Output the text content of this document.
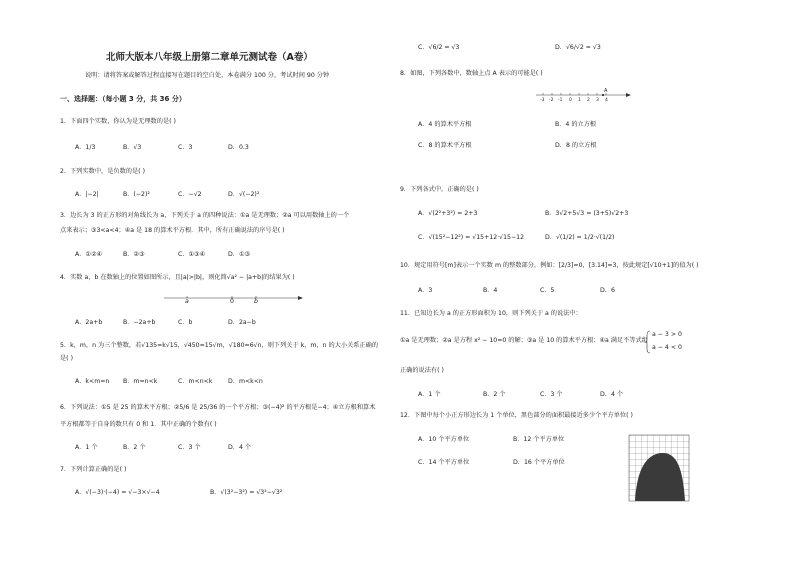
北师大版本八年级上册第二章单元测试卷（A卷）
说明：请将答案或解答过程直接写在题目的空白处，本卷满分 100 分，考试时间 90 分钟
一、选择题：（每小题 3 分，共 36 分）
1．下面四个实数，你认为是无理数的是( )
A．1/3	B．√3	C．3	D．0.3
2．下列实数中，是负数的是( )
A．|−2|	B．(−2)²	C．−√2	D．√(−2)²
3．边长为 3 的正方形的对角线长为 a，下列关于 a 的四种说法：①a 是无理数；②a 可以用数轴上的一个
点来表示；③3<a<4；④a 是 18 的算术平方根．其中，所有正确说法的序号是( )
A．①②④	B．②③	C．①③④	D．①③
4．实数 a，b 在数轴上的位置如图所示，且|a|>|b|，则化简√a² − |a+b|的结果为( )
a	0	b
A．2a+b	B．−2a+b	C．b	D．2a−b
5．k，m，n 为三个整数，若√135=k√15，√450=15√m，√180=6√n，则下列关于 k，m，n 的大小关系正确的
是( )
A．k<m=n B．m=n<k	C．m<n<k	D．m<k<n
6．下列说法：①5 是 25 的算术平方根；②5/6 是 25/36 的一个平方根；③(−4)² 的平方根是−4；④立方根和算术
平方根都等于自身的数只有 0 和 1．其中正确的个数有( )
A．1 个	B．2 个	C．3 个	D．4 个
7．下列计算正确的是( )
A．√(−3)·(−4) = √−3×√−4	B．√(3²−3²) = √3²−√3²
C．√6/2 = √3	D．√6/√2 = √3
8．如图，下列各数中，数轴上点 A 表示的可能是( )
A
-3 -2 -1 0 1 2 3 4
A．4 的算术平方根	B．4 的立方根
C．8 的算术平方根	D．8 的立方根
9．下列各式中，正确的是( )
A．√(2²+3²) = 2+3	B．3√2+5√3 = (3+5)√2+3
C．√(15²−12²) = √15+12·√15−12	D．√(1/2) = 1/2·√(1/2)
10．规定用符号[m]表示一个实数 m 的整数部分，例如：[2/3]=0，[3.14]=3，按此规定[√10+1]的值为( )
A．3	B．4	C．5	D．6
11．已知边长为 a 的正方形面积为 10，则下列关于 a 的说法中：
①a 是无理数；②a 是方程 x² − 10=0 的解；③a 是 10 的算术平方根；④a 满足不等式组
a − 3 > 0
a − 4 < 0
正确的说法有( )
A．1 个	B．2 个	C．3 个	D．4 个
12．下图中每个小正方形边长为 1 个单位，黑色部分的面积最接近多少个平方单位( )
A．10 个平方单位	B．12 个平方单位
C．14 个平方单位	D．16 个平方单位
